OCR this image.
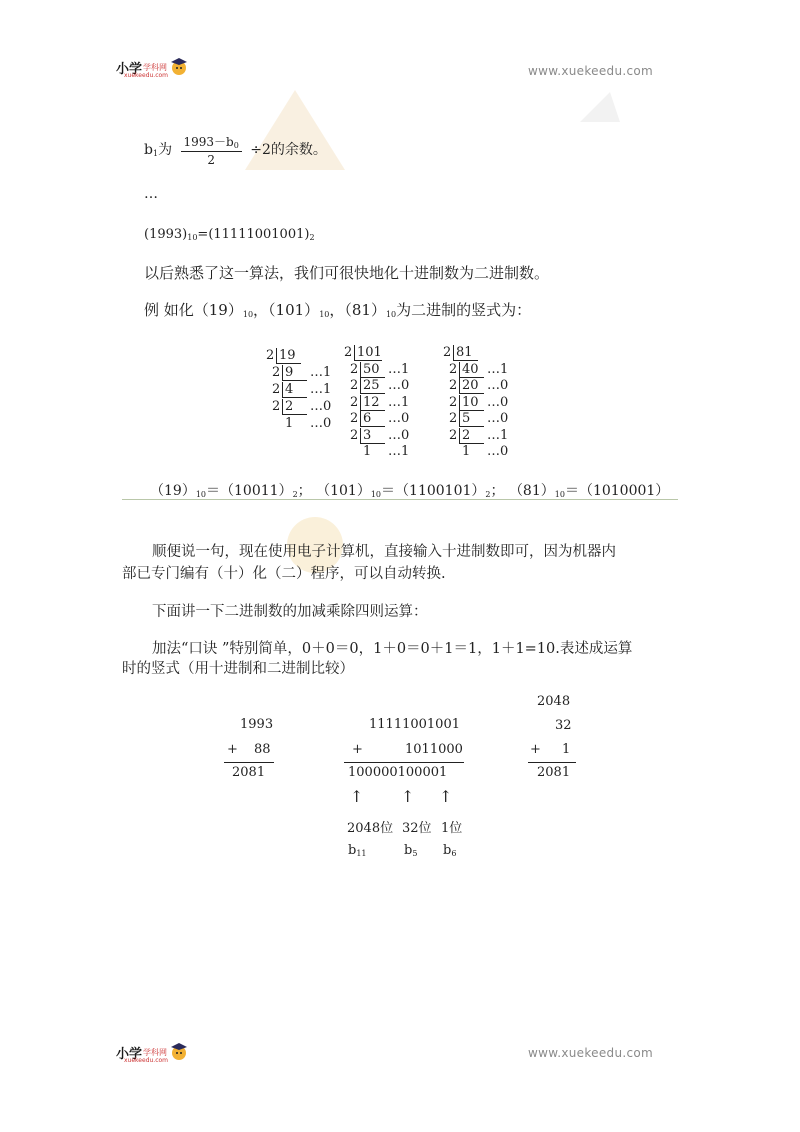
小学 学科网
xuekeedu.com	www.xuekeedu.com
$b_1$为 $\frac{1993-b_0}{2} \div 2$的余数。
…
$(1993)_{10}=(11111001001)_2$
以后熟悉了这一算法，我们可很快地化十进制数为二进制数。
例 如化$(19)_{10}$，$(101)_{10}$，$(81)_{10}$为二进制的竖式为：
2 19
2 9 …1
2 4 …1
2 2 …0
1 …0
2 101
2 50 …1
2 25 …0
2 12 …1
2 6 …0
2 3 …0
1 …1
2 81
2 40 …1
2 20 …0
2 10 …0
2 5 …0
2 2 …1
1 …0
$(19)_{10}=(10011)_2$； $(101)_{10}=(1100101)_2$； $(81)_{10}=(1010001)$
顺便说一句，现在使用电子计算机，直接输入十进制数即可，因为机器内
部已专门编有（十）化（二）程序，可以自动转换.
下面讲一下二进制数的加减乘除四则运算：
加法“口诀 ”特别简单，0＋0＝0，1＋0＝0＋1＝1，1＋1=10.表述成运算
时的竖式（用十进制和二进制比较）
1993
+ 88
2081
11111001001
+	1011000
100000100001
2048
32
+ 1
2081
↑ ↑ ↑
2048位 32位 1位
$b_{11}$	$b_5$ $b_6$
小学 学科网
xuekeedu.com
www.xuekeedu.com
